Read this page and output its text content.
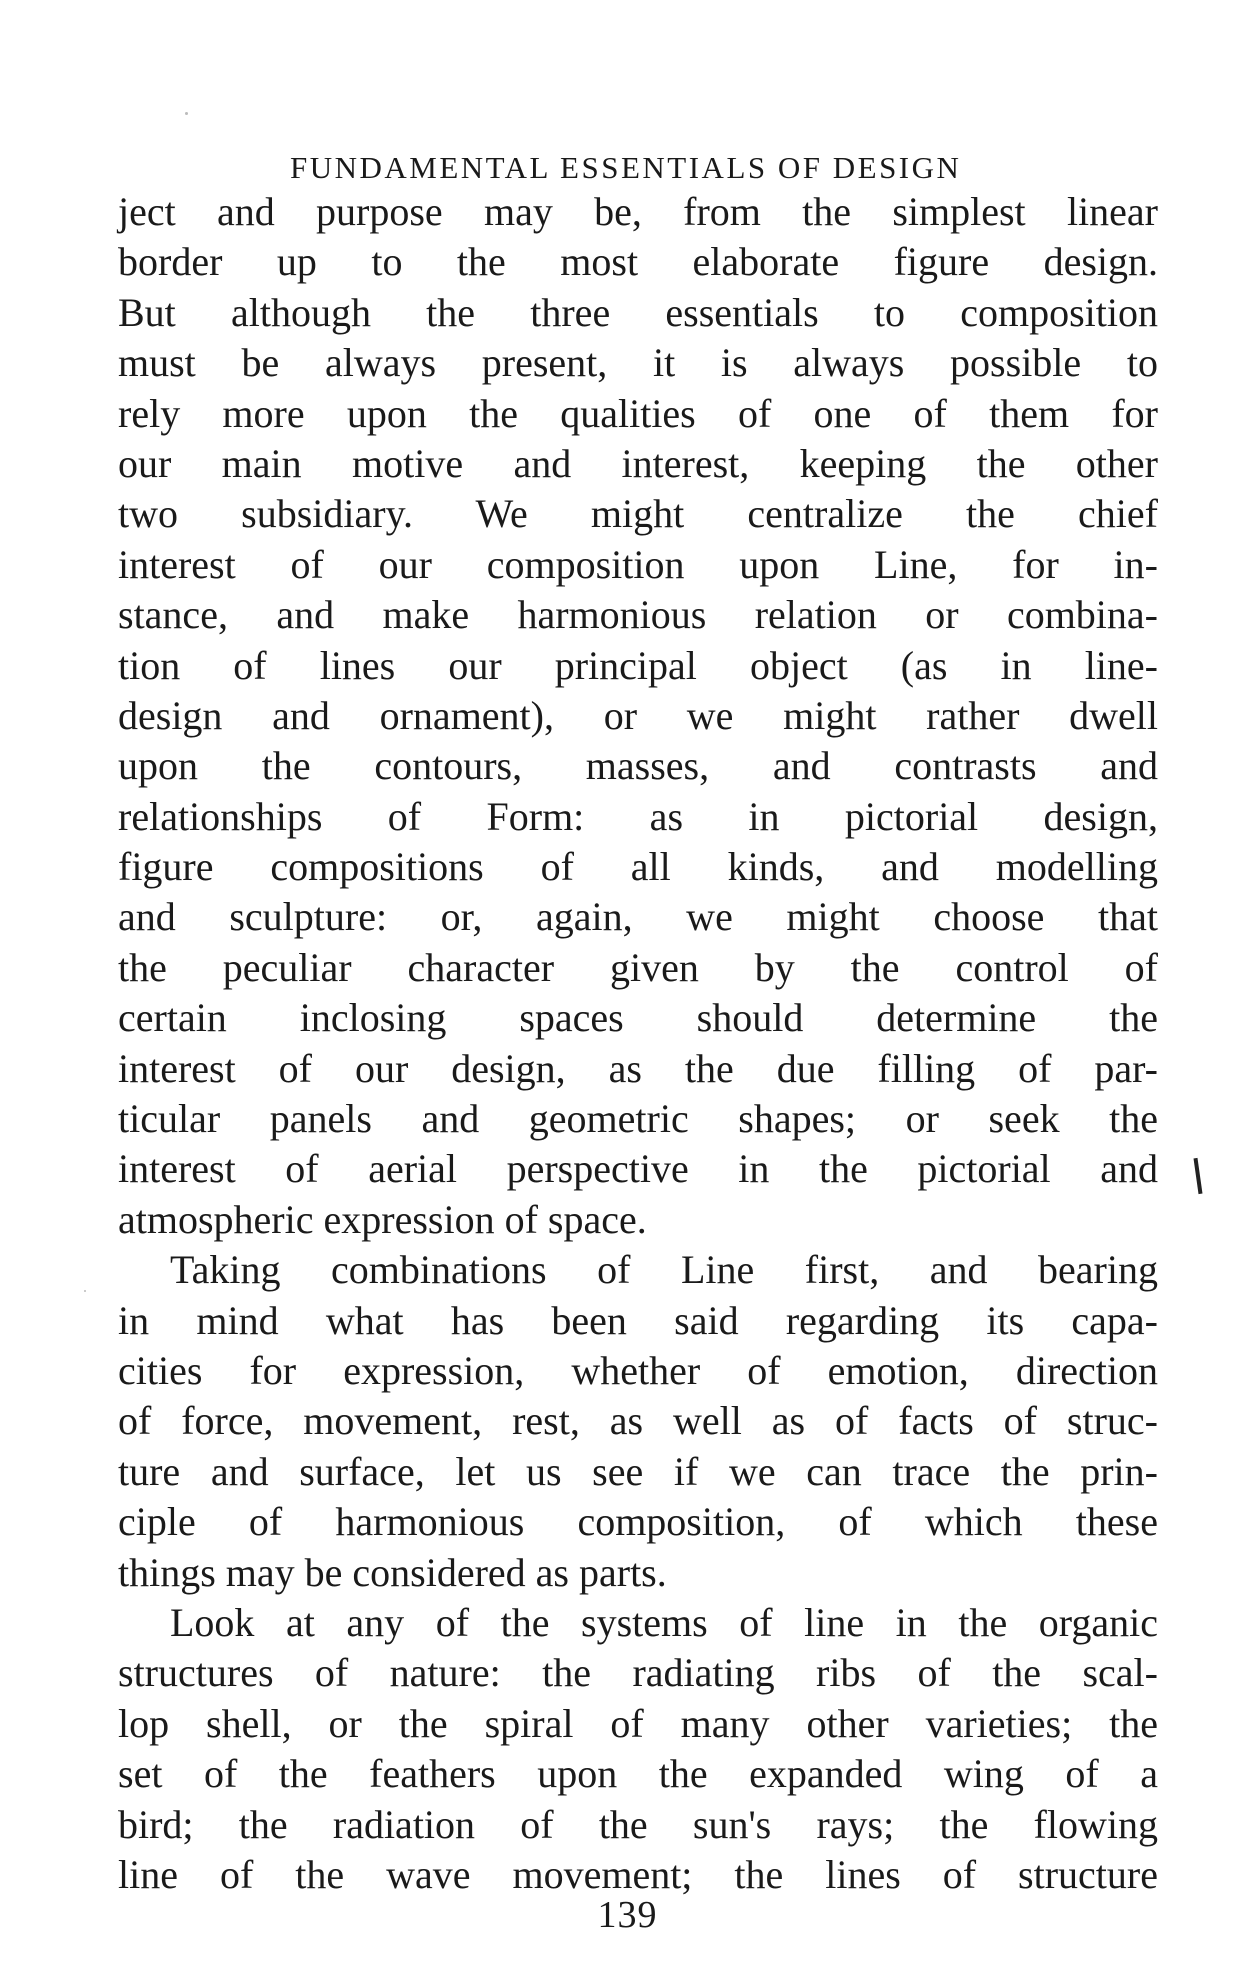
FUNDAMENTAL ESSENTIALS OF DESIGN
ject and purpose may be, from the simplest linear
border up to the most elaborate figure design.
But although the three essentials to composition
must be always present, it is always possible to
rely more upon the qualities of one of them for
our main motive and interest, keeping the other
two subsidiary. We might centralize the chief
interest of our composition upon Line, for in-
stance, and make harmonious relation or combina-
tion of lines our principal object (as in line-
design and ornament), or we might rather dwell
upon the contours, masses, and contrasts and
relationships of Form: as in pictorial design,
figure compositions of all kinds, and modelling
and sculpture: or, again, we might choose that
the peculiar character given by the control of
certain inclosing spaces should determine the
interest of our design, as the due filling of par-
ticular panels and geometric shapes; or seek the
interest of aerial perspective in the pictorial and
atmospheric expression of space.
Taking combinations of Line first, and bearing
in mind what has been said regarding its capa-
cities for expression, whether of emotion, direction
of force, movement, rest, as well as of facts of struc-
ture and surface, let us see if we can trace the prin-
ciple of harmonious composition, of which these
things may be considered as parts.
Look at any of the systems of line in the organic
structures of nature: the radiating ribs of the scal-
lop shell, or the spiral of many other varieties; the
set of the feathers upon the expanded wing of a
bird; the radiation of the sun's rays; the flowing
line of the wave movement; the lines of structure
139
